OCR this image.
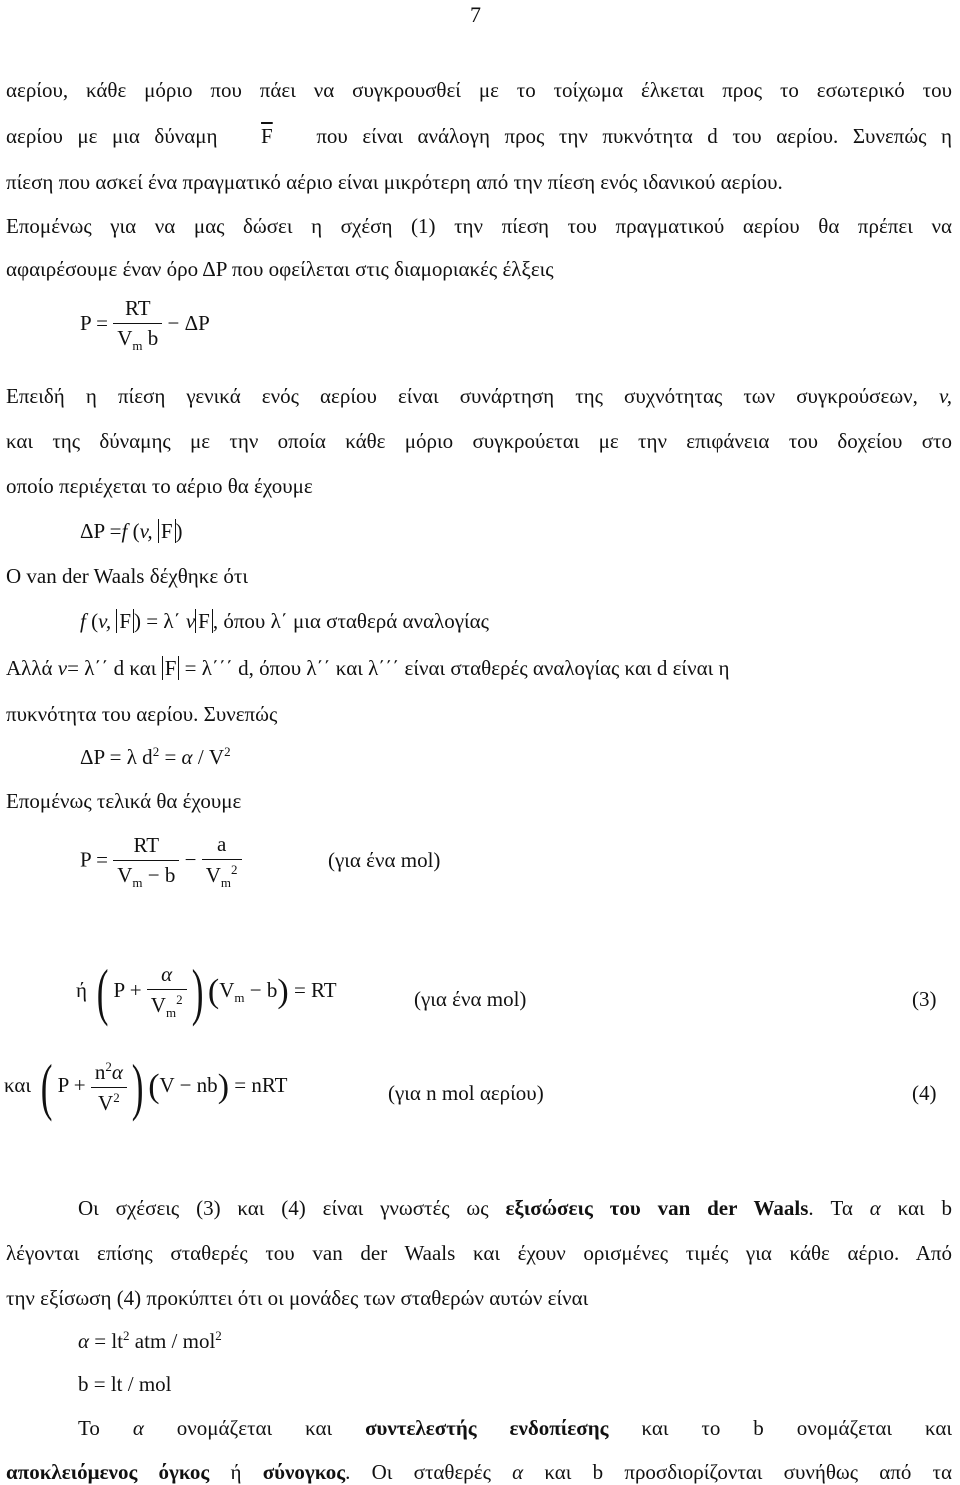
7
αερίου, κάθε μόριο που πάει να συγκρουσθεί με το τοίχωμα έλκεται προς το εσωτερικό του
αερίου με μια δύναμη $\overline{F}$ που είναι ανάλογη προς την πυκνότητα d του αερίου. Συνεπώς η
πίεση που ασκεί ένα πραγματικό αέριο είναι μικρότερη από την πίεση ενός ιδανικού αερίου.
Επομένως για να μας δώσει η σχέση (1) την πίεση του πραγματικού αερίου θα πρέπει να
αφαιρέσουμε έναν όρο ΔP που οφείλεται στις διαμοριακές έλξεις
$P = \frac{RT}{V_m b} - \Delta P$
Επειδή η πίεση γενικά ενός αερίου είναι συνάρτηση της συχνότητας των συγκρούσεων, v,
και της δύναμης με την οποία κάθε μόριο συγκρούεται με την επιφάνεια του δοχείου στο
οποίο περιέχεται το αέριο θα έχουμε
ΔP =f (v, F )
O van der Waals δέχθηκε ότι
f (v, F ) = λ΄ v F , όπου λ΄ μια σταθερά αναλογίας
Αλλά v= λ΄΄ d και F = λ΄΄΄ d, όπου λ΄΄ και λ΄΄΄ είναι σταθερές αναλογίας και d είναι η
πυκνότητα του αερίου. Συνεπώς
ΔP = λ $d^2 = \alpha / V^2$
Επομένως τελικά θα έχουμε
$P = \frac{RT}{V_m - b} - \frac{a}{V_m^2}$	(για ένα mol)
ή ( $P + \frac{\alpha}{V_m^2}$ ) $(V_m - b)$ = RT	(για ένα mol)	(3)
και ( $P + \frac{n^2\alpha}{V^2}$ ) (V − nb) = nRT	(για n mol αερίου)	(4)
Οι σχέσεις (3) και (4) είναι γνωστές ως εξισώσεις του van der Waals. Τα α και b
λέγονται επίσης σταθερές του van der Waals και έχουν ορισμένες τιμές για κάθε αέριο. Από
την εξίσωση (4) προκύπτει ότι οι μονάδες των σταθερών αυτών είναι
$\alpha = lt^2$ atm / mol$^2$
b = lt / mol
Το α ονομάζεται και συντελεστής ενδοπίεσης και το b ονομάζεται και
αποκλειόμενος όγκος ή σύνογκος. Οι σταθερές α και b προσδιορίζονται συνήθως από τα
